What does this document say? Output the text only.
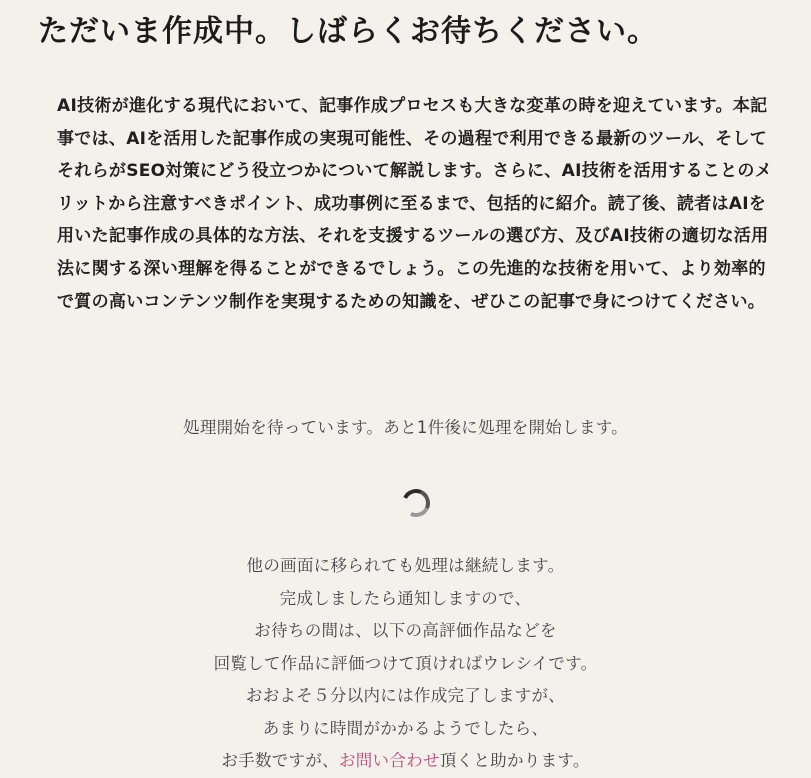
ただいま作成中。しばらくお待ちください。

AI技術が進化する現代において、記事作成プロセスも大きな変革の時を迎えています。本記事では、AIを活用した記事作成の実現可能性、その過程で利用できる最新のツール、そしてそれらがSEO対策にどう役立つかについて解説します。さらに、AI技術を活用することのメリットから注意すべきポイント、成功事例に至るまで、包括的に紹介。読了後、読者はAIを用いた記事作成の具体的な方法、それを支援するツールの選び方、及びAI技術の適切な活用法に関する深い理解を得ることができるでしょう。この先進的な技術を用いて、より効率的で質の高いコンテンツ制作を実現するための知識を、ぜひこの記事で身につけてください。

処理開始を待っています。あと1件後に処理を開始します。

他の画面に移られても処理は継続します。
完成しましたら通知しますので、
お待ちの間は、以下の高評価作品などを
回覧して作品に評価つけて頂ければウレシイです。
おおよそ５分以内には作成完了しますが、
あまりに時間がかかるようでしたら、
お手数ですが、お問い合わせ頂くと助かります。
